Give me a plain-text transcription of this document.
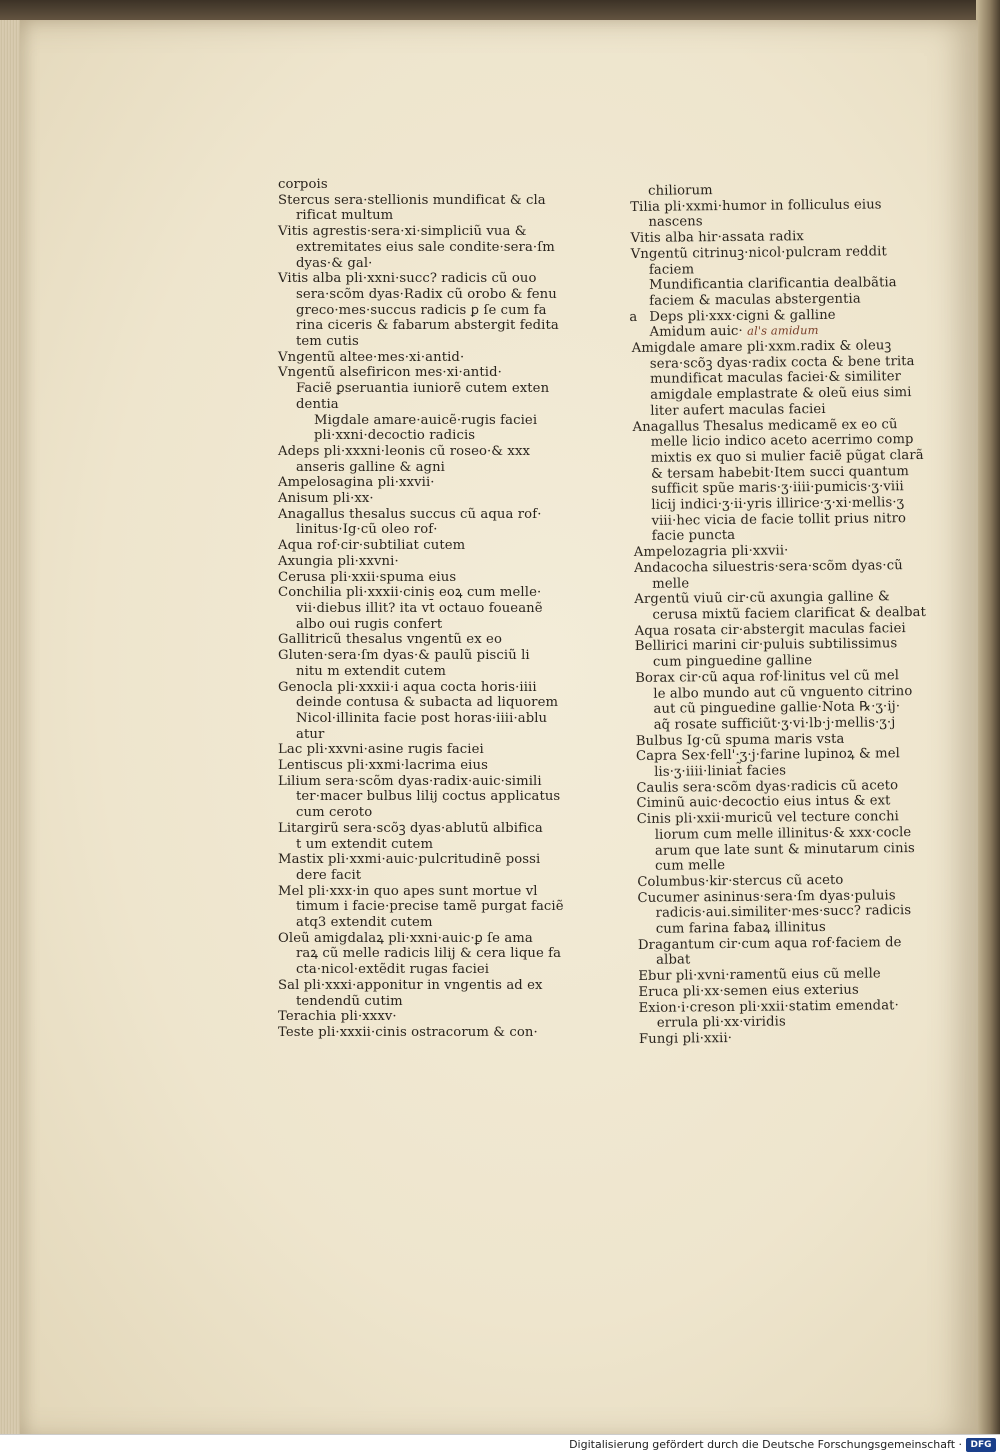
corpois
Stercus sera·stellionis mundificat & cla
rificat multum
Vitis agrestis·sera·xi·simpliciũ vua &
extremitates eius sale condite·sera·ſm
dyas·& gal·
Vitis alba pli·xxni·succ? radicis cũ ouo
sera·scõm dyas·Radix cũ orobo & fenu
greco·mes·succus radicis ꝑ ſe cum fa
rina ciceris & fabarum abstergit fedita
tem cutis
Vngentũ altee·mes·xi·antid·
Vngentũ alsefiricon mes·xi·antid·
Faciẽ ꝑseruantia iuniorẽ cutem exten
dentia
Migdale amare·auicẽ·rugis faciei
pli·xxni·decoctio radicis
Adeps pli·xxxni·leonis cũ roseo·& xxx
anseris galline & agni
Ampelosagina pli·xxvii·
Anisum pli·xx·
Anagallus thesalus succus cũ aqua rof·
linitus·Ig·cũ oleo rof·
Aqua rof·cir·subtiliat cutem
Axungia pli·xxvni·
Cerusa pli·xxii·spuma eius
Conchilia pli·xxxii·cinis eoꝝ cum melle·
vii·diebus illit? ita vt̄ octauo foueanẽ
albo oui rugis confert
Gallitricũ thesalus vngentũ ex eo
Gluten·sera·ſm dyas·& paulũ pisciũ li
nitu m extendit cutem
Genocla pli·xxxii·i aqua cocta horis·iiii
deinde contusa & subacta ad liquorem
Nicol·illinita facie post horas·iiii·ablu
atur
Lac pli·xxvni·asine rugis faciei
Lentiscus pli·xxmi·lacrima eius
Lilium sera·scõm dyas·radix·auic·simili
ter·macer bulbus lilij coctus applicatus
cum ceroto
Litargirũ sera·scõꝫ dyas·ablutũ albifica
t um extendit cutem
Mastix pli·xxmi·auic·pulcritudinẽ possi
dere facit
Mel pli·xxx·in quo apes sunt mortue vl
timum i facie·precise tamẽ purgat faciẽ
atq3 extendit cutem
Oleũ amigdalaꝝ pli·xxni·auic·ꝑ ſe ama
raꝝ cũ melle radicis lilij & cera lique fa
cta·nicol·extẽdit rugas faciei
Sal pli·xxxi·apponitur in vngentis ad ex
tendendũ cutim
Terachia pli·xxxv·
Teste pli·xxxii·cinis ostracorum & con·
chiliorum
Tilia pli·xxmi·humor in folliculus eius
nascens
Vitis alba hir·assata radix
Vngentũ citrinuꝫ·nicol·pulcram reddit
faciem
Mundificantia clarificantia dealbãtia
faciem & maculas abstergentia
a Deps pli·xxx·cigni & galline
Amidum auic· al's amidum
Amigdale amare pli·xxm.radix & oleuꝫ
sera·scõꝫ dyas·radix cocta & bene trita
mundificat maculas faciei·& similiter
amigdale emplastrate & oleũ eius simi
liter aufert maculas faciei
Anagallus Thesalus medicamẽ ex eo cũ
melle licio indico aceto acerrimo comp
mixtis ex quo si mulier faciẽ pũgat clarã
& tersam habebit·Item succi quantum
sufficit spũe maris·ʒ·iiii·pumicis·ʒ·viii
licij indici·ʒ·ii·yris illirice·ʒ·xi·mellis·ʒ
viii·hec vicia de facie tollit prius nitro
facie puncta
Ampelozagria pli·xxvii·
Andacocha siluestris·sera·scõm dyas·cũ
melle
Argentũ viuũ cir·cũ axungia galline &
cerusa mixtũ faciem clarificat & dealbat
Aqua rosata cir·abstergit maculas faciei
Bellirici marini cir·puluis subtilissimus
cum pinguedine galline
Borax cir·cũ aqua rof·linitus vel cũ mel
le albo mundo aut cũ vnguento citrino
aut cũ pinguedine gallie·Nota ℞·ʒ·ij·
aq̃ rosate sufficiũt·ʒ·vi·lb·j·mellis·ʒ·j
Bulbus Ig·cũ spuma maris vsta
Capra Sex·fell'·ʒ·j·farine lupinoꝝ & mel
lis·ʒ·iiii·liniat̃ facies
Caulis sera·scõm dyas·radicis cũ aceto
Ciminũ auic·decoctio eius intus & ext
Cinis pli·xxii·muricũ vel tecture conchi
liorum cum melle illinitus·& xxx·cocle
arum que late sunt & minutarum cinis
cum melle
Columbus·kir·stercus cũ aceto
Cucumer asininus·sera·ſm dyas·puluis
radicis·aui.similiter·mes·succ? radicis
cum farina fabaꝝ illinitus
Dragantum cir·cum aqua rof·faciem de
albat
Ebur pli·xvni·ramentũ eius cũ melle
Eruca pli·xx·semen eius exterius
Exion·i·creson pli·xxii·statim emendat·
errula pli·xx·viridis
Fungi pli·xxii·
Digitalisierung gefördert durch die Deutsche Forschungsgemeinschaft · DFG
